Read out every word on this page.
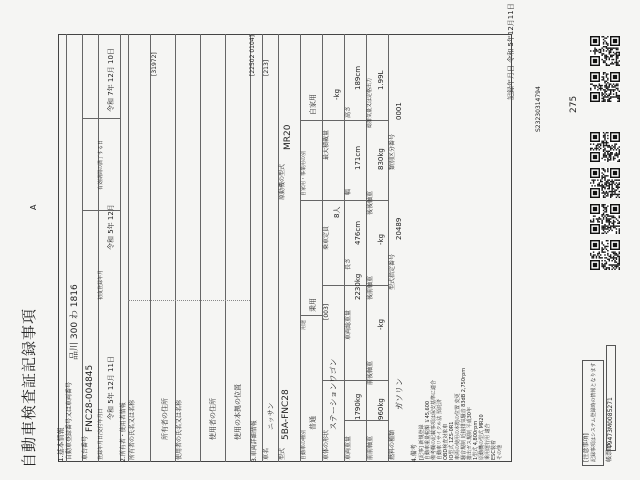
自動車検査証記録事項
A
記録年月日 令和 5年12月11日
S23230314794	275
1.基本情報 自動車登録番号又は車両番号
品川 300 わ 1816
車台番号
FNC28-004845
登録年月日/交付年月日
令和 5年 12月 11日
初度登録年月
令和 5年 12月
有効期間の満了する日
令和 7年 12月 10日
2.所有者・使用者情報 所有者の氏名又は名称	所有者の住所
[31972]
使用者の氏名又は名称	使用者の住所 使用の本拠の位置
[22502 0104]
3.車両詳細情報 車名
ニッサン
[213]
型式
5BA-FNC28
原動機の型式
MR20
自動車の種別
普通
用途
乗用
自家用・事業用の別
自家用
車体の形状
ステーションワゴン
[003]
乗車定員
8人
最大積載量
-kg
車両重量
1790kg
車両総重量
2230kg
長さ
476cm
幅
171cm
高さ
189cm
前前軸重
960kg
前後軸重
-kg
後前軸重
-kg
後後軸重
830kg
総排気量又は定格出力 1.99L
燃料の種類
ガソリン
型式指定番号
20489
類別区分番号
0001
4.備考 [記事] 新規登録 自動車重量税額 ￥45,600 備考欄の記載事項は保安基準に適合 自動車リサイクル法 預託済 OBD検査対象車 IO型式 1ZS-0R1 車両の使用の本拠の位置 変更 騒音規制 近接排気騒音 83dB 2,750rpm 排出ガス規制 平成30年 1型式 4,800rpm 原動機の型式 MR20 乗用運行用 適合 ESC装着 その他	[注意事項] 記録事項はシステム登録時の情報となります 帳票ID
T9473M0085271
